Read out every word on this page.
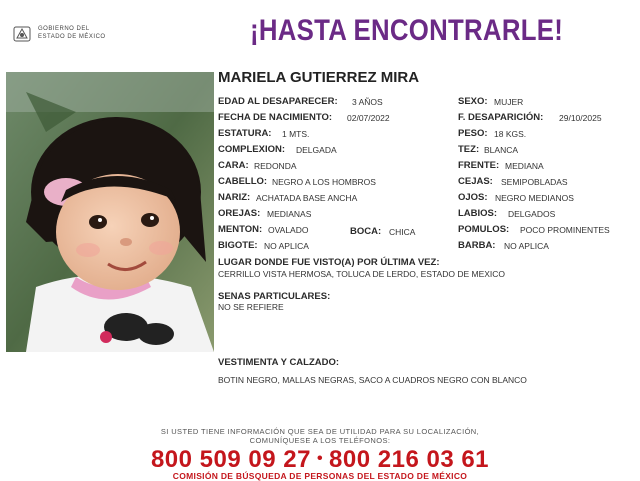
GOBIERNO DEL
ESTADO DE MÉXICO	¡HASTA ENCONTRARLE!
MARIELA GUTIERREZ MIRA
EDAD AL DESAPARECER: 3 AÑOS	SEXO: MUJER
FECHA DE NACIMIENTO: 02/07/2022	F. DESAPARICIÓN: 29/10/2025
ESTATURA: 1 MTS.	PESO: 18 KGS.
COMPLEXION: DELGADA	TEZ: BLANCA
CARA: REDONDA	FRENTE: MEDIANA
CABELLO: NEGRO A LOS HOMBROS	CEJAS: SEMIPOBLADAS
NARIZ: ACHATADA BASE ANCHA	OJOS: NEGRO MEDIANOS
OREJAS: MEDIANAS	LABIOS: DELGADOS
MENTON: OVALADO	BOCA: CHICA	POMULOS: POCO PROMINENTES
BIGOTE: NO APLICA	BARBA: NO APLICA
LUGAR DONDE FUE VISTO(A) POR ÚLTIMA VEZ:
CERRILLO VISTA HERMOSA, TOLUCA DE LERDO, ESTADO DE MEXICO
SENAS PARTICULARES:
NO SE REFIERE
VESTIMENTA Y CALZADO:
BOTIN NEGRO, MALLAS NEGRAS, SACO A CUADROS NEGRO CON BLANCO
SI USTED TIENE INFORMACIÓN QUE SEA DE UTILIDAD PARA SU LOCALIZACIÓN,
COMUNÍQUESE A LOS TELÉFONOS:
800 509 09 27 • 800 216 03 61
COMISIÓN DE BÚSQUEDA DE PERSONAS DEL ESTADO DE MÉXICO
